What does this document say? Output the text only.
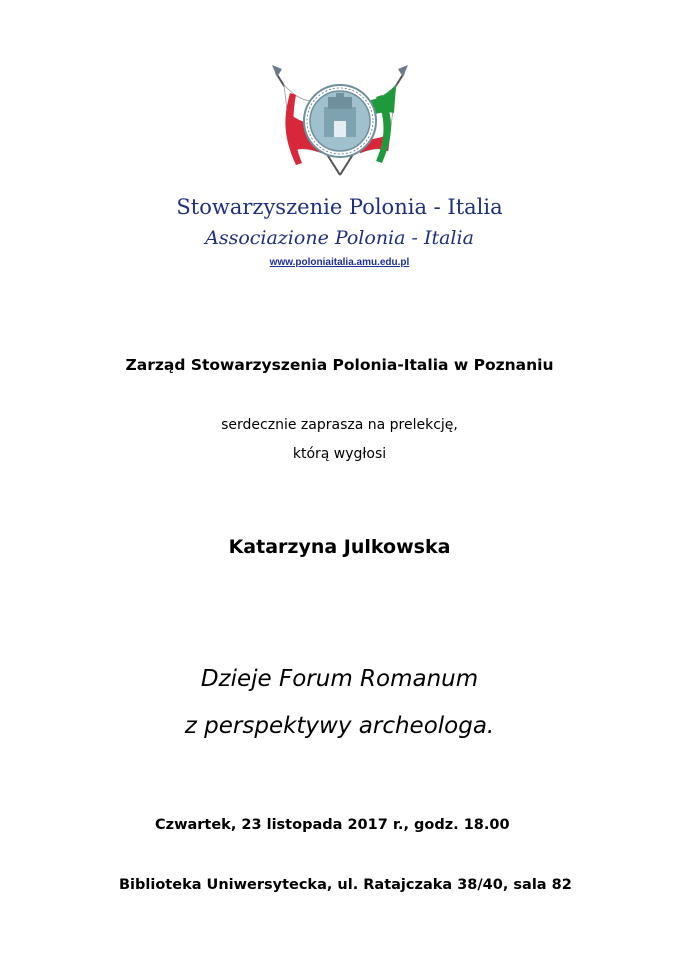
Stowarzyszenie Polonia - Italia
Associazione Polonia - Italia
www.poloniaitalia.amu.edu.pl
Zarząd Stowarzyszenia Polonia-Italia w Poznaniu
serdecznie zaprasza na prelekcję,
którą wygłosi
Katarzyna Julkowska
Dzieje Forum Romanum
z perspektywy archeologa.
Czwartek, 23 listopada 2017 r., godz. 18.00
Biblioteka Uniwersytecka, ul. Ratajczaka 38/40, sala 82
